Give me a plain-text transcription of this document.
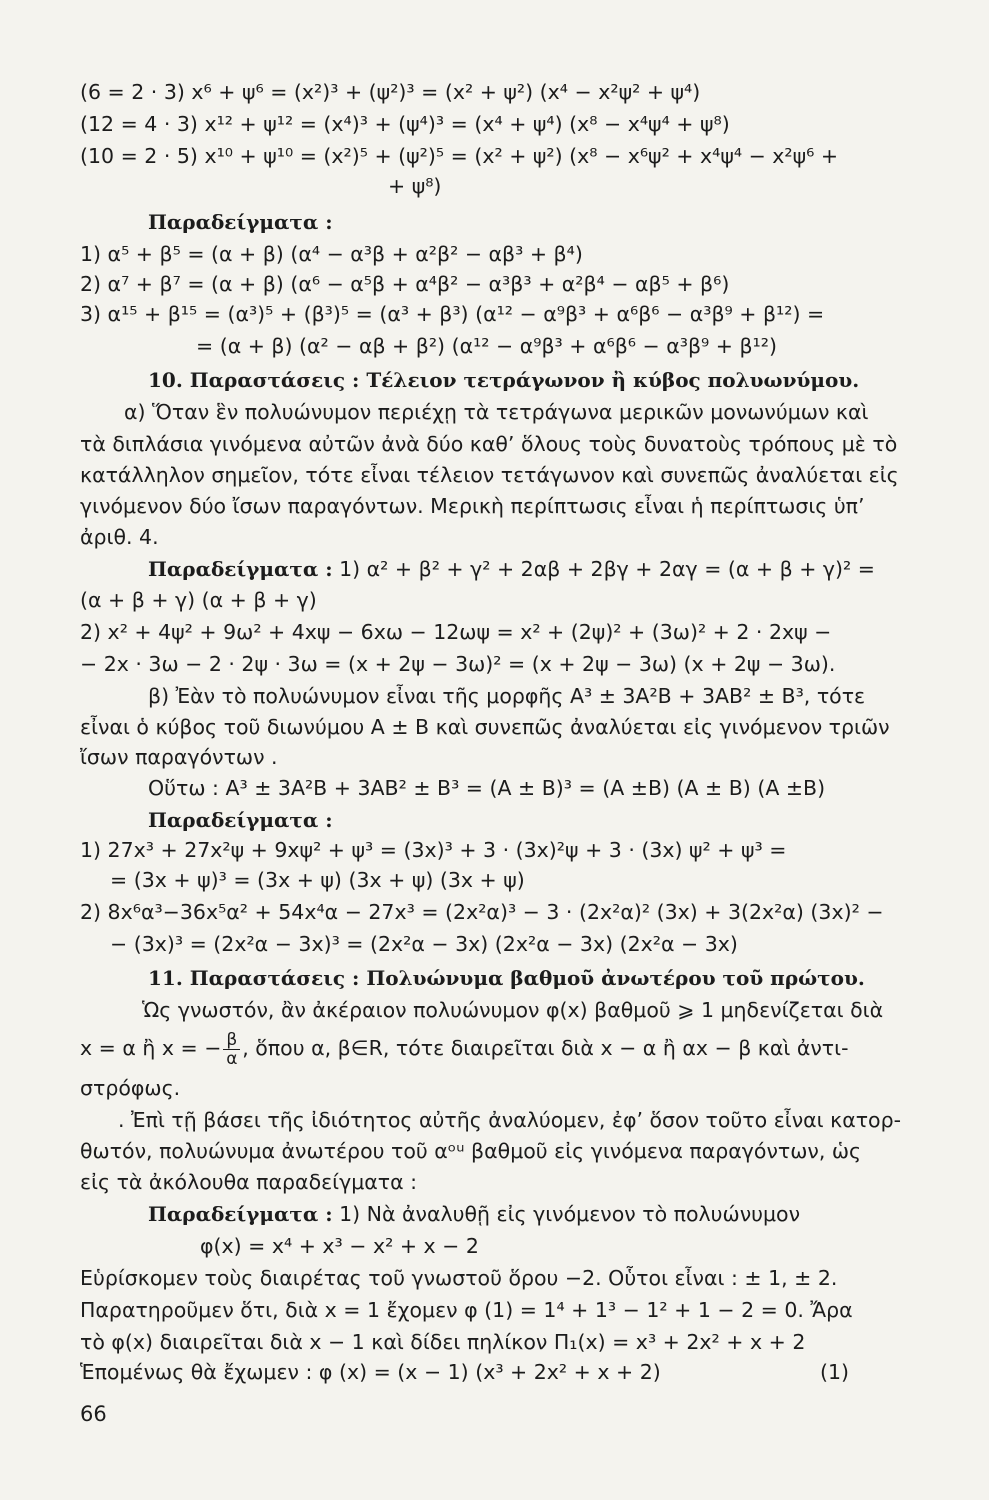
(6 = 2 · 3) x⁶ + ψ⁶ = (x²)³ + (ψ²)³ = (x² + ψ²) (x⁴ − x²ψ² + ψ⁴)
(12 = 4 · 3) x¹² + ψ¹² = (x⁴)³ + (ψ⁴)³ = (x⁴ + ψ⁴) (x⁸ − x⁴ψ⁴ + ψ⁸)
(10 = 2 · 5) x¹⁰ + ψ¹⁰ = (x²)⁵ + (ψ²)⁵ = (x² + ψ²) (x⁸ − x⁶ψ² + x⁴ψ⁴ − x²ψ⁶ +
+ ψ⁸)
Παραδείγματα :
1) α⁵ + β⁵ = (α + β) (α⁴ − α³β + α²β² − αβ³ + β⁴)
2) α⁷ + β⁷ = (α + β) (α⁶ − α⁵β + α⁴β² − α³β³ + α²β⁴ − αβ⁵ + β⁶)
3) α¹⁵ + β¹⁵ = (α³)⁵ + (β³)⁵ = (α³ + β³) (α¹² − α⁹β³ + α⁶β⁶ − α³β⁹ + β¹²) =
= (α + β) (α² − αβ + β²) (α¹² − α⁹β³ + α⁶β⁶ − α³β⁹ + β¹²)
10. Παραστάσεις : Τέλειον τετράγωνον ἢ κύβος πολυωνύμου.
α) Ὅταν ἓν πολυώνυμον περιέχῃ τὰ τετράγωνα μερικῶν μονωνύμων καὶ
τὰ διπλάσια γινόμενα αὐτῶν ἀνὰ δύο καθ’ ὅλους τοὺς δυνατοὺς τρόπους μὲ τὸ
κατάλληλον σημεῖον, τότε εἶναι τέλειον τετάγωνον καὶ συνεπῶς ἀναλύεται εἰς
γινόμενον δύο ἴσων παραγόντων. Μερικὴ περίπτωσις εἶναι ἡ περίπτωσις ὑπ’
ἀριθ. 4.
Παραδείγματα : 1) α² + β² + γ² + 2αβ + 2βγ + 2αγ = (α + β + γ)² =
(α + β + γ) (α + β + γ)
2) x² + 4ψ² + 9ω² + 4xψ − 6xω − 12ωψ = x² + (2ψ)² + (3ω)² + 2 · 2xψ −
− 2x · 3ω − 2 · 2ψ · 3ω = (x + 2ψ − 3ω)² = (x + 2ψ − 3ω) (x + 2ψ − 3ω).
β) Ἐὰν τὸ πολυώνυμον εἶναι τῆς μορφῆς A³ ± 3A²B + 3AB² ± B³, τότε
εἶναι ὁ κύβος τοῦ διωνύμου A ± B καὶ συνεπῶς ἀναλύεται εἰς γινόμενον τριῶν
ἴσων παραγόντων .
Οὕτω : A³ ± 3A²B + 3AB² ± B³ = (A ± B)³ = (A ±B) (A ± B) (A ±B)
Παραδείγματα :
1) 27x³ + 27x²ψ + 9xψ² + ψ³ = (3x)³ + 3 · (3x)²ψ + 3 · (3x) ψ² + ψ³ =
= (3x + ψ)³ = (3x + ψ) (3x + ψ) (3x + ψ)
2) 8x⁶α³−36x⁵α² + 54x⁴α − 27x³ = (2x²α)³ − 3 · (2x²α)² (3x) + 3(2x²α) (3x)² −
− (3x)³ = (2x²α − 3x)³ = (2x²α − 3x) (2x²α − 3x) (2x²α − 3x)
11. Παραστάσεις : Πολυώνυμα βαθμοῦ ἀνωτέρου τοῦ πρώτου.
Ὡς γνωστόν, ἂν ἀκέραιον πολυώνυμον φ(x) βαθμοῦ ⩾ 1 μηδενίζεται διὰ
x = α ἢ x = − $\frac{\beta}{\alpha}$ , ὅπου α, β∈R, τότε διαιρεῖται διὰ x − α ἢ αx − β καὶ ἀντι-
στρόφως.
. Ἐπὶ τῇ βάσει τῆς ἰδιότητος αὐτῆς ἀναλύομεν, ἐφ’ ὅσον τοῦτο εἶναι κατορ-
θωτόν, πολυώνυμα ἀνωτέρου τοῦ αᵒᵘ βαθμοῦ εἰς γινόμενα παραγόντων, ὡς
εἰς τὰ ἀκόλουθα παραδείγματα :
Παραδείγματα : 1) Νὰ ἀναλυθῇ εἰς γινόμενον τὸ πολυώνυμον
φ(x) = x⁴ + x³ − x² + x − 2
Εὑρίσκομεν τοὺς διαιρέτας τοῦ γνωστοῦ ὅρου −2. Οὗτοι εἶναι : ± 1, ± 2.
Παρατηροῦμεν ὅτι, διὰ x = 1 ἔχομεν φ (1) = 1⁴ + 1³ − 1² + 1 − 2 = 0. Ἄρα
τὸ φ(x) διαιρεῖται διὰ x − 1 καὶ δίδει πηλίκον Π₁(x) = x³ + 2x² + x + 2
Ἑπομένως θὰ ἔχωμεν : φ (x) = (x − 1) (x³ + 2x² + x + 2)	(1)
66
